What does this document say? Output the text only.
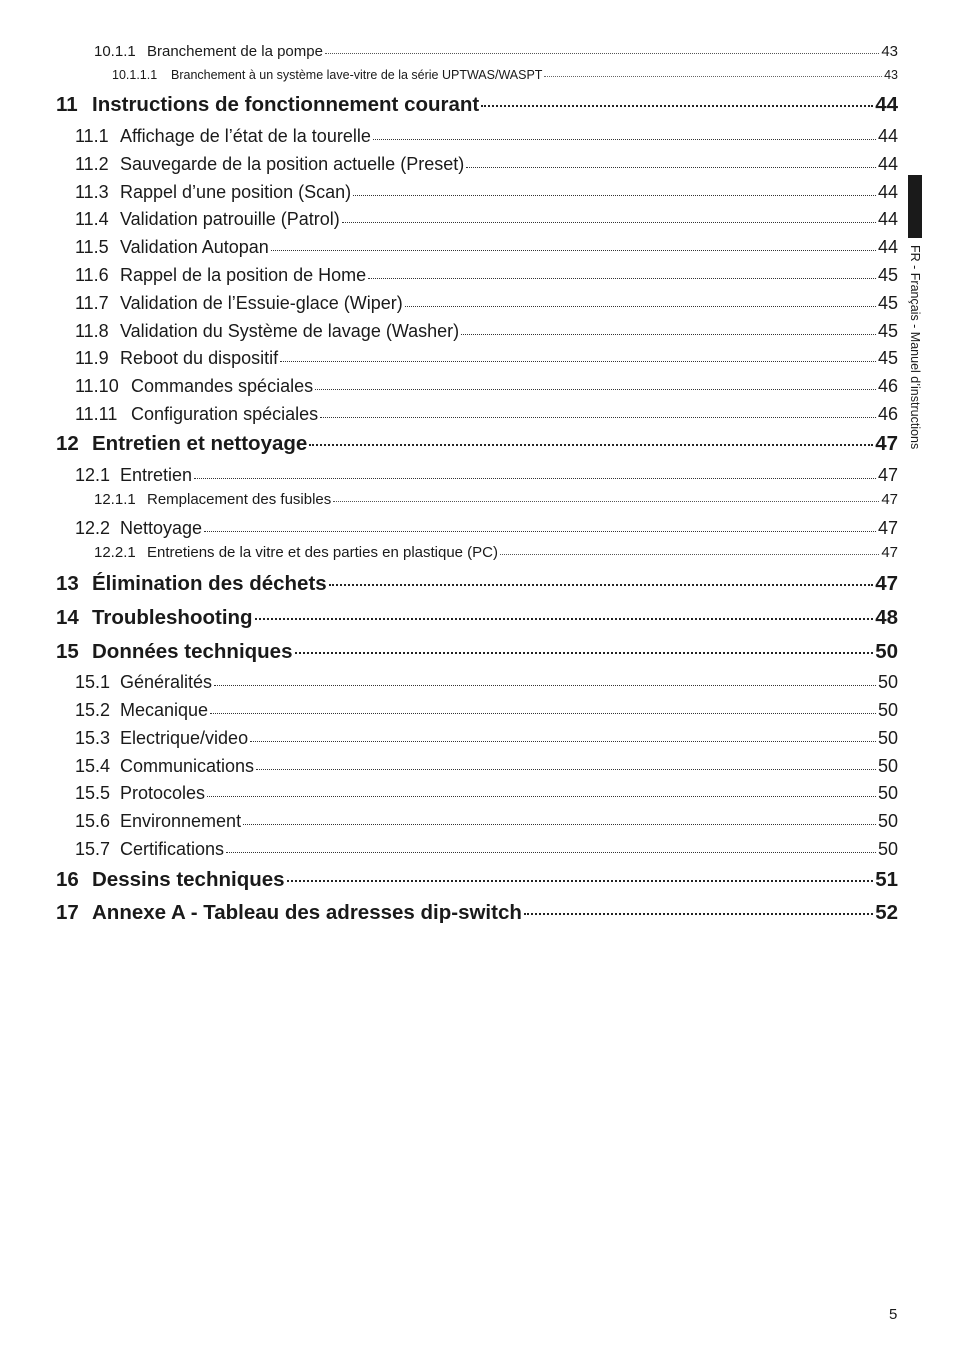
10.1.1 Branchement de la pompe	43
10.1.1.1	Branchement à un système lave-vitre de la série UPTWAS/WASPT	43
11 Instructions de fonctionnement courant	44
11.1 Affichage de l’état de la tourelle	44
11.2 Sauvegarde de la position actuelle (Preset)	44
11.3 Rappel d’une position (Scan)	44
11.4 Validation patrouille (Patrol)	44
11.5 Validation Autopan	44
11.6 Rappel de la position de Home	45
11.7 Validation de l’Essuie-glace (Wiper)	45
11.8 Validation du Système de lavage (Washer)	45
11.9 Reboot du dispositif	45
11.10 Commandes spéciales	46
11.11 Configuration spéciales	46
12 Entretien et nettoyage	47
12.1 Entretien	47
12.1.1 Remplacement des fusibles	47
12.2 Nettoyage	47
12.2.1 Entretiens de la vitre et des parties en plastique (PC)	47
13 Élimination des déchets	47
14 Troubleshooting	48
15 Données techniques	50
15.1 Généralités	50
15.2 Mecanique	50
15.3 Electrique/video	50
15.4 Communications	50
15.5 Protocoles	50
15.6 Environnement	50
15.7 Certifications	50
16 Dessins techniques	51
17 Annexe A - Tableau des adresses dip-switch	52
FR - Français - Manuel d’instructions
5
